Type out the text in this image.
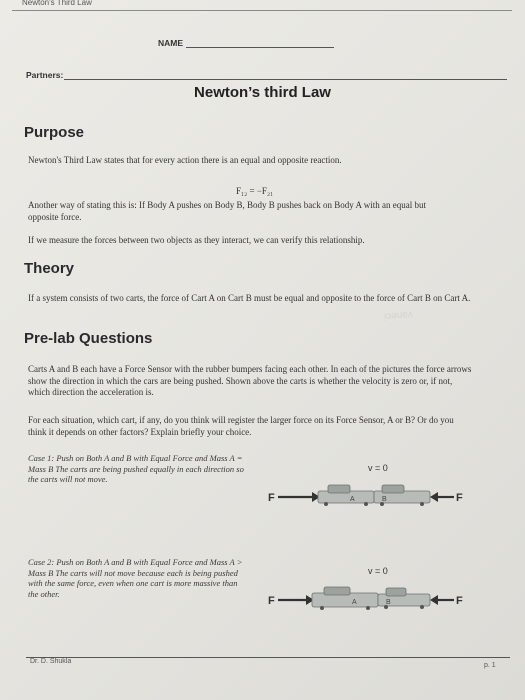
Newton's Third Law
NAME
Partners:
Newton’s third Law
Purpose
Newton's Third Law states that for every action there is an equal and opposite reaction.
F₁₂ = −F₂₁
Another way of stating this is: If Body A pushes on Body B, Body B pushes back on Body A with an equal but opposite force.
If we measure the forces between two objects as they interact, we can verify this relationship.
Theory
If a system consists of two carts, the force of Cart A on Cart B must be equal and opposite to the force of Cart B on Cart A.
ᴉɔǝuɐʌ
Pre-lab Questions
Carts A and B each have a Force Sensor with the rubber bumpers facing each other. In each of the pictures the force arrows show the direction in which the cars are being pushed. Shown above the carts is whether the velocity is zero or, if not, which direction the acceleration is.
For each situation, which cart, if any, do you think will register the larger force on its Force Sensor, A or B? Or do you think it depends on other factors? Explain briefly your choice.
Case 1: Push on Both A and B with Equal Force and Mass A = Mass B The carts are being pushed equally in each direction so the carts will not move.
v = 0
F	A	B	F
Case 2: Push on Both A and B with Equal Force and Mass A > Mass B The carts will not move because each is being pushed with the same force, even when one cart is more massive than the other.
v = 0
F	A	B	F
Dr. D. Shukla
p. 1
